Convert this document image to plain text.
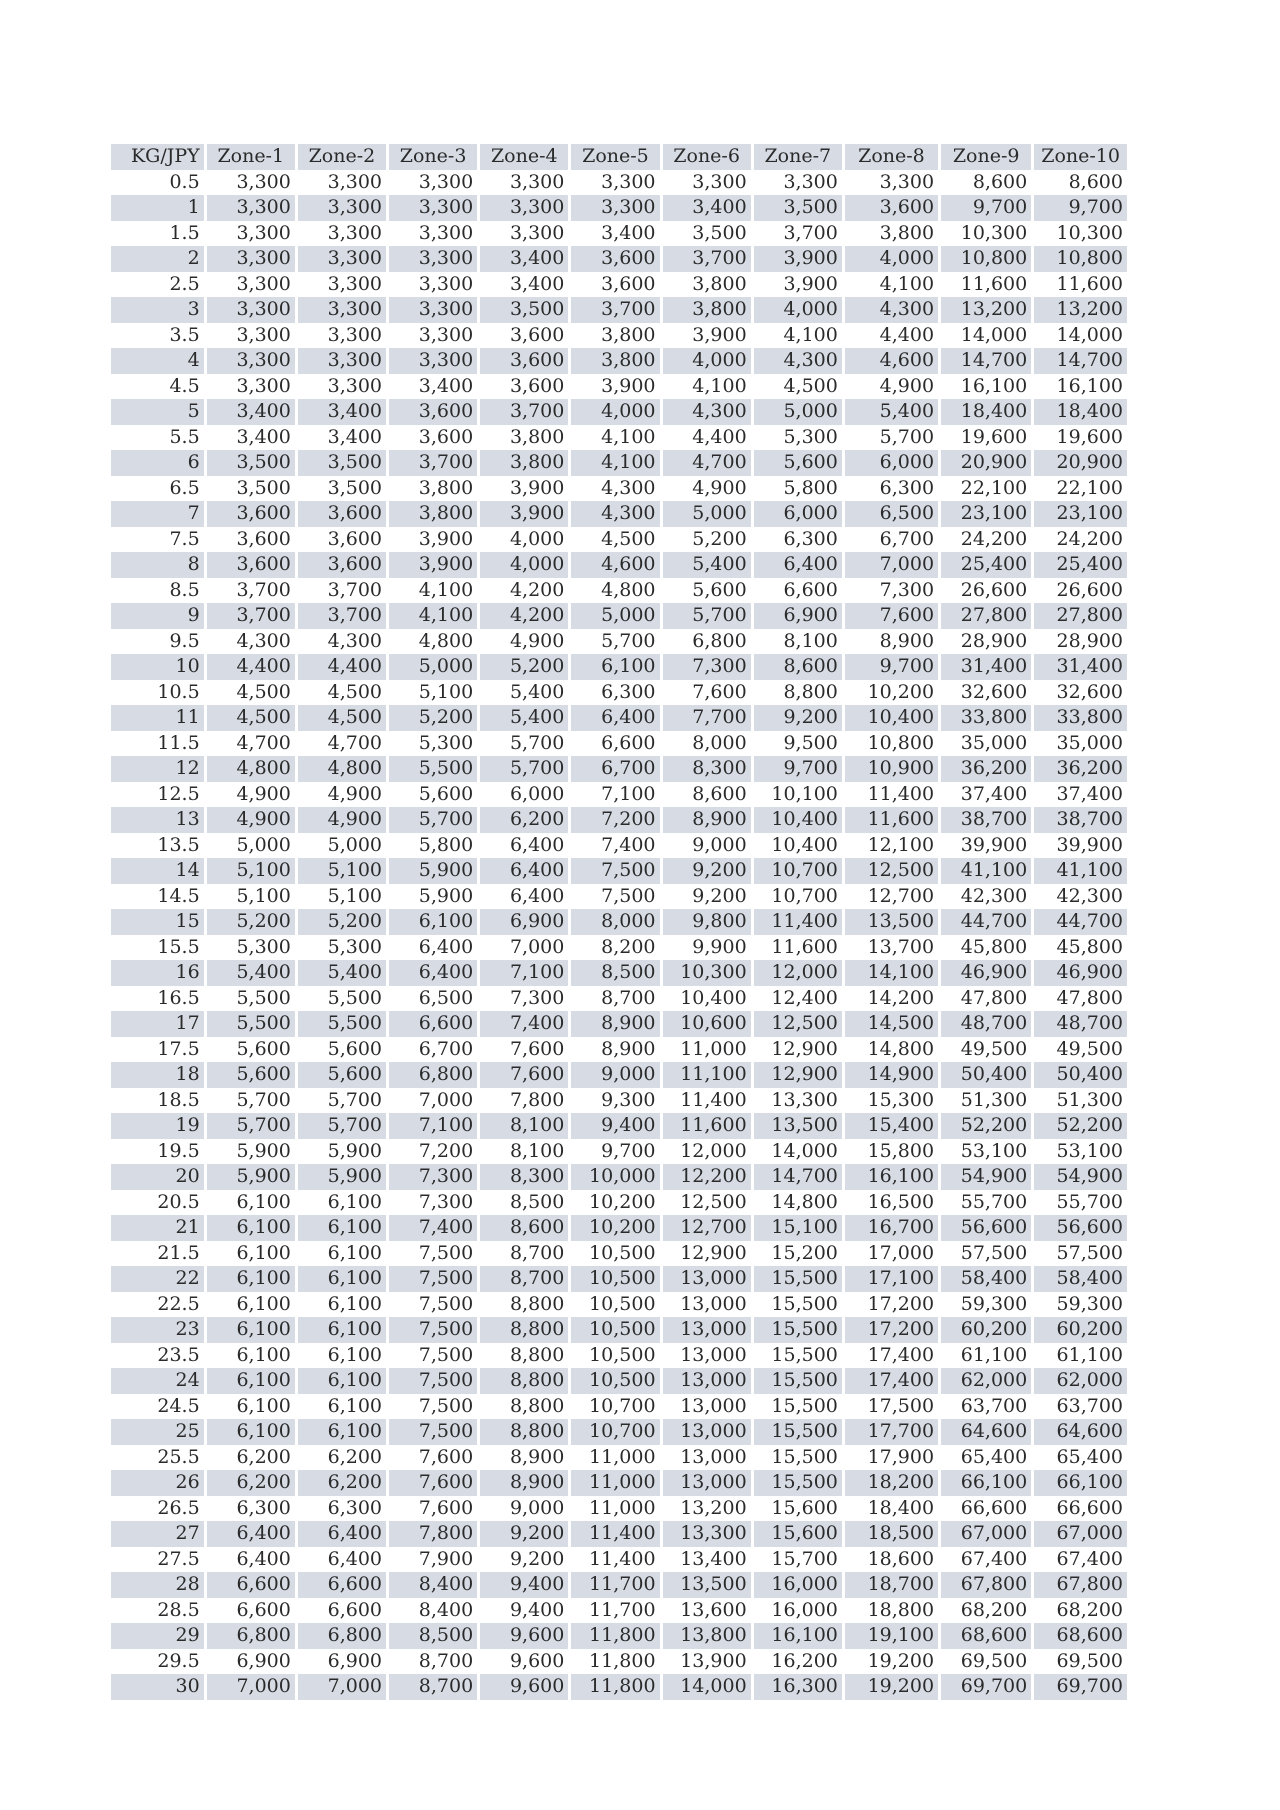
KG/JPY	Zone-1	Zone-2	Zone-3	Zone-4	Zone-5	Zone-6	Zone-7	Zone-8	Zone-9	Zone-10
0.5	3,300	3,300	3,300	3,300	3,300	3,300	3,300	3,300	8,600	8,600
1	3,300	3,300	3,300	3,300	3,300	3,400	3,500	3,600	9,700	9,700
1.5	3,300	3,300	3,300	3,300	3,400	3,500	3,700	3,800	10,300	10,300
2	3,300	3,300	3,300	3,400	3,600	3,700	3,900	4,000	10,800	10,800
2.5	3,300	3,300	3,300	3,400	3,600	3,800	3,900	4,100	11,600	11,600
3	3,300	3,300	3,300	3,500	3,700	3,800	4,000	4,300	13,200	13,200
3.5	3,300	3,300	3,300	3,600	3,800	3,900	4,100	4,400	14,000	14,000
4	3,300	3,300	3,300	3,600	3,800	4,000	4,300	4,600	14,700	14,700
4.5	3,300	3,300	3,400	3,600	3,900	4,100	4,500	4,900	16,100	16,100
5	3,400	3,400	3,600	3,700	4,000	4,300	5,000	5,400	18,400	18,400
5.5	3,400	3,400	3,600	3,800	4,100	4,400	5,300	5,700	19,600	19,600
6	3,500	3,500	3,700	3,800	4,100	4,700	5,600	6,000	20,900	20,900
6.5	3,500	3,500	3,800	3,900	4,300	4,900	5,800	6,300	22,100	22,100
7	3,600	3,600	3,800	3,900	4,300	5,000	6,000	6,500	23,100	23,100
7.5	3,600	3,600	3,900	4,000	4,500	5,200	6,300	6,700	24,200	24,200
8	3,600	3,600	3,900	4,000	4,600	5,400	6,400	7,000	25,400	25,400
8.5	3,700	3,700	4,100	4,200	4,800	5,600	6,600	7,300	26,600	26,600
9	3,700	3,700	4,100	4,200	5,000	5,700	6,900	7,600	27,800	27,800
9.5	4,300	4,300	4,800	4,900	5,700	6,800	8,100	8,900	28,900	28,900
10	4,400	4,400	5,000	5,200	6,100	7,300	8,600	9,700	31,400	31,400
10.5	4,500	4,500	5,100	5,400	6,300	7,600	8,800	10,200	32,600	32,600
11	4,500	4,500	5,200	5,400	6,400	7,700	9,200	10,400	33,800	33,800
11.5	4,700	4,700	5,300	5,700	6,600	8,000	9,500	10,800	35,000	35,000
12	4,800	4,800	5,500	5,700	6,700	8,300	9,700	10,900	36,200	36,200
12.5	4,900	4,900	5,600	6,000	7,100	8,600	10,100	11,400	37,400	37,400
13	4,900	4,900	5,700	6,200	7,200	8,900	10,400	11,600	38,700	38,700
13.5	5,000	5,000	5,800	6,400	7,400	9,000	10,400	12,100	39,900	39,900
14	5,100	5,100	5,900	6,400	7,500	9,200	10,700	12,500	41,100	41,100
14.5	5,100	5,100	5,900	6,400	7,500	9,200	10,700	12,700	42,300	42,300
15	5,200	5,200	6,100	6,900	8,000	9,800	11,400	13,500	44,700	44,700
15.5	5,300	5,300	6,400	7,000	8,200	9,900	11,600	13,700	45,800	45,800
16	5,400	5,400	6,400	7,100	8,500	10,300	12,000	14,100	46,900	46,900
16.5	5,500	5,500	6,500	7,300	8,700	10,400	12,400	14,200	47,800	47,800
17	5,500	5,500	6,600	7,400	8,900	10,600	12,500	14,500	48,700	48,700
17.5	5,600	5,600	6,700	7,600	8,900	11,000	12,900	14,800	49,500	49,500
18	5,600	5,600	6,800	7,600	9,000	11,100	12,900	14,900	50,400	50,400
18.5	5,700	5,700	7,000	7,800	9,300	11,400	13,300	15,300	51,300	51,300
19	5,700	5,700	7,100	8,100	9,400	11,600	13,500	15,400	52,200	52,200
19.5	5,900	5,900	7,200	8,100	9,700	12,000	14,000	15,800	53,100	53,100
20	5,900	5,900	7,300	8,300	10,000	12,200	14,700	16,100	54,900	54,900
20.5	6,100	6,100	7,300	8,500	10,200	12,500	14,800	16,500	55,700	55,700
21	6,100	6,100	7,400	8,600	10,200	12,700	15,100	16,700	56,600	56,600
21.5	6,100	6,100	7,500	8,700	10,500	12,900	15,200	17,000	57,500	57,500
22	6,100	6,100	7,500	8,700	10,500	13,000	15,500	17,100	58,400	58,400
22.5	6,100	6,100	7,500	8,800	10,500	13,000	15,500	17,200	59,300	59,300
23	6,100	6,100	7,500	8,800	10,500	13,000	15,500	17,200	60,200	60,200
23.5	6,100	6,100	7,500	8,800	10,500	13,000	15,500	17,400	61,100	61,100
24	6,100	6,100	7,500	8,800	10,500	13,000	15,500	17,400	62,000	62,000
24.5	6,100	6,100	7,500	8,800	10,700	13,000	15,500	17,500	63,700	63,700
25	6,100	6,100	7,500	8,800	10,700	13,000	15,500	17,700	64,600	64,600
25.5	6,200	6,200	7,600	8,900	11,000	13,000	15,500	17,900	65,400	65,400
26	6,200	6,200	7,600	8,900	11,000	13,000	15,500	18,200	66,100	66,100
26.5	6,300	6,300	7,600	9,000	11,000	13,200	15,600	18,400	66,600	66,600
27	6,400	6,400	7,800	9,200	11,400	13,300	15,600	18,500	67,000	67,000
27.5	6,400	6,400	7,900	9,200	11,400	13,400	15,700	18,600	67,400	67,400
28	6,600	6,600	8,400	9,400	11,700	13,500	16,000	18,700	67,800	67,800
28.5	6,600	6,600	8,400	9,400	11,700	13,600	16,000	18,800	68,200	68,200
29	6,800	6,800	8,500	9,600	11,800	13,800	16,100	19,100	68,600	68,600
29.5	6,900	6,900	8,700	9,600	11,800	13,900	16,200	19,200	69,500	69,500
30	7,000	7,000	8,700	9,600	11,800	14,000	16,300	19,200	69,700	69,700
